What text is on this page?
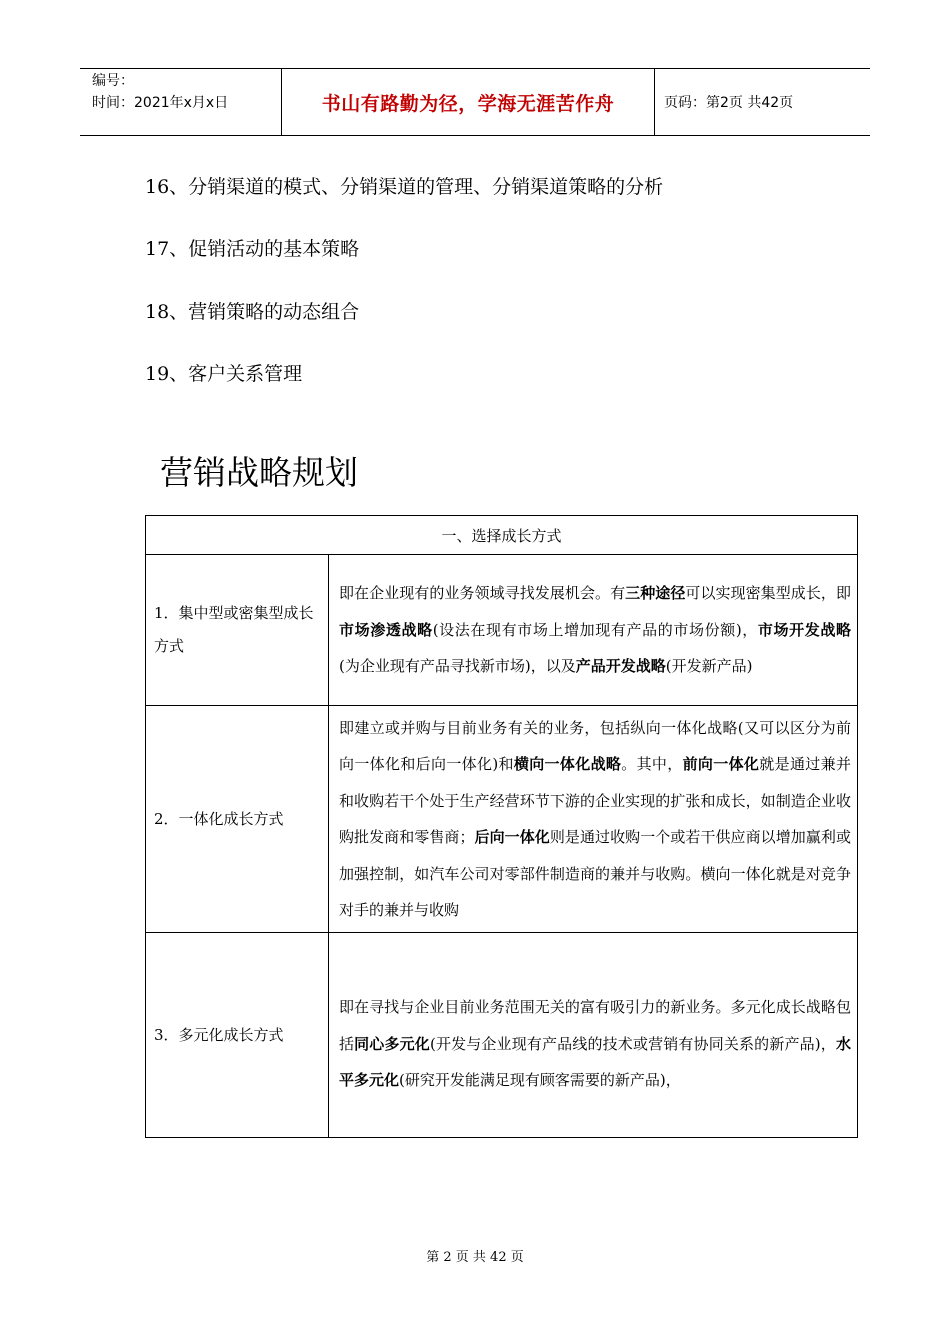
编号：
时间：2021年x月x日	书山有路勤为径，学海无涯苦作舟	页码：第2页 共42页
16、分销渠道的模式、分销渠道的管理、分销渠道策略的分析
17、促销活动的基本策略
18、营销策略的动态组合
19、客户关系管理
营销战略规划
一、选择成长方式	
1．集中型或密集型成长方式	即在企业现有的业务领域寻找发展机会。有三种途径可以实现密集型成长，即市场渗透战略(设法在现有市场上增加现有产品的市场份额)，市场开发战略(为企业现有产品寻找新市场)，以及产品开发战略(开发新产品)
2．一体化成长方式	即建立或并购与目前业务有关的业务，包括纵向一体化战略(又可以区分为前向一体化和后向一体化)和横向一体化战略。其中，前向一体化就是通过兼并和收购若干个处于生产经营环节下游的企业实现的扩张和成长，如制造企业收购批发商和零售商；后向一体化则是通过收购一个或若干供应商以增加赢利或加强控制，如汽车公司对零部件制造商的兼并与收购。横向一体化就是对竞争对手的兼并与收购
3．多元化成长方式	即在寻找与企业目前业务范围无关的富有吸引力的新业务。多元化成长战略包括同心多元化(开发与企业现有产品线的技术或营销有协同关系的新产品)，水平多元化(研究开发能满足现有顾客需要的新产品)，
第 2 页 共 42 页
